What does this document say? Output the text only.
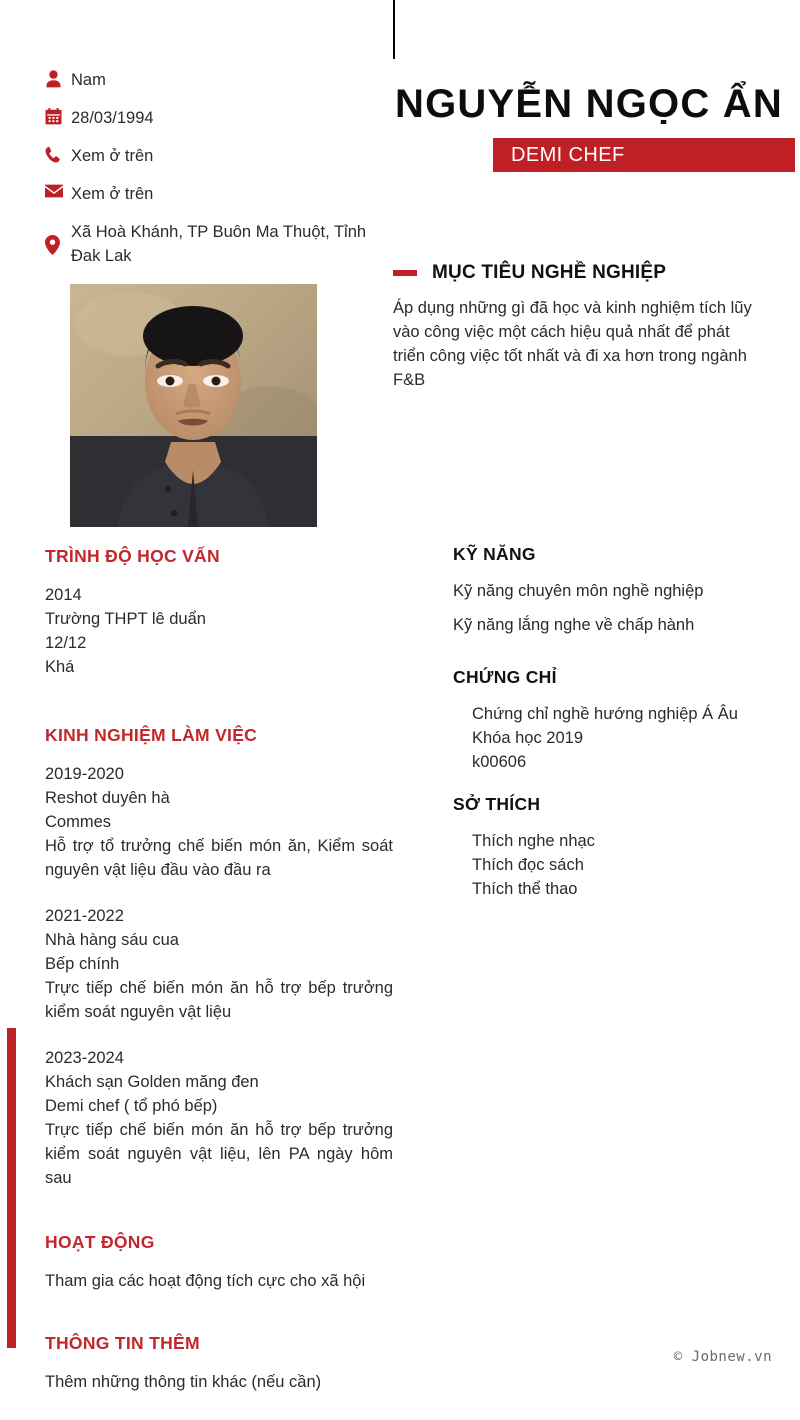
Nam
28/03/1994
Xem ở trên
Xem ở trên
Xã Hoà Khánh, TP Buôn Ma Thuột, Tỉnh Đak Lak
NGUYỄN NGỌC ẨN
DEMI CHEF
MỤC TIÊU NGHỀ NGHIỆP
Áp dụng những gì đã học và kinh nghiệm tích lũy vào công việc một cách hiệu quả nhất để phát triển công việc tốt nhất và đi xa hơn trong ngành F&B
TRÌNH ĐỘ HỌC VẤN
2014
Trường THPT lê duẩn
12/12
Khá
KINH NGHIỆM LÀM VIỆC
2019-2020
Reshot duyên hà
Commes
Hỗ trợ tổ trưởng chế biến món ăn, Kiểm soát nguyên vật liệu đầu vào đầu ra
2021-2022
Nhà hàng sáu cua
Bếp chính
Trực tiếp chế biến món ăn hỗ trợ bếp trưởng kiểm soát nguyên vật liệu
2023-2024
Khách sạn Golden măng đen
Demi chef ( tổ phó bếp)
Trực tiếp chế biến món ăn hỗ trợ bếp trưởng kiểm soát nguyên vật liệu, lên PA ngày hôm sau
HOẠT ĐỘNG
Tham gia các hoạt động tích cực cho xã hội
THÔNG TIN THÊM
Thêm những thông tin khác (nếu cần)
KỸ NĂNG
Kỹ năng chuyên môn nghề nghiệp
Kỹ năng lắng nghe về chấp hành
CHỨNG CHỈ
Chứng chỉ nghề hướng nghiệp Á Âu
Khóa học 2019
k00606
SỞ THÍCH
Thích nghe nhạc
Thích đọc sách
Thích thể thao
© Jobnew.vn
